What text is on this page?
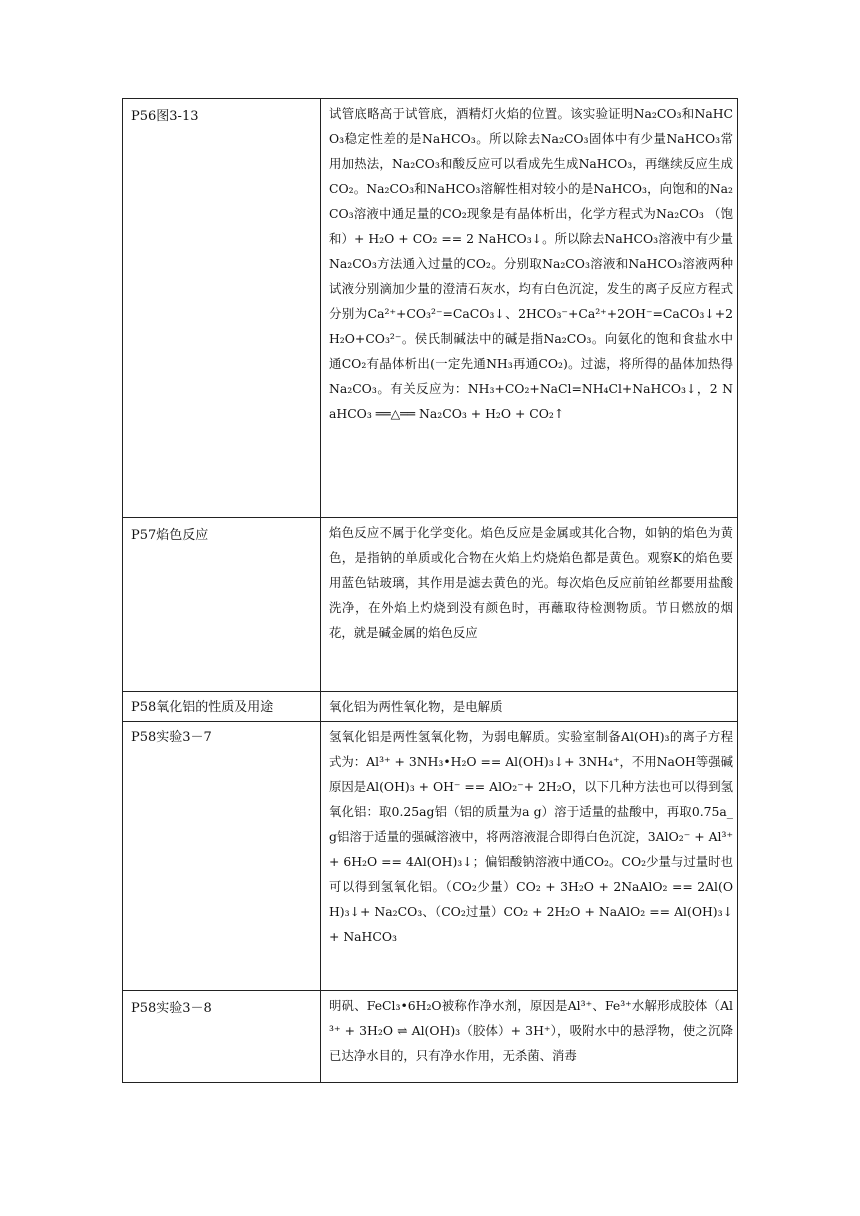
P56图3-13	试管底略高于试管底，酒精灯火焰的位置。该实验证明Na₂CO₃和NaHCO₃稳定性差的是NaHCO₃。所以除去Na₂CO₃固体中有少量NaHCO₃常用加热法，Na₂CO₃和酸反应可以看成先生成NaHCO₃，再继续反应生成CO₂。Na₂CO₃和NaHCO₃溶解性相对较小的是NaHCO₃，向饱和的Na₂CO₃溶液中通足量的CO₂现象是有晶体析出，化学方程式为Na₂CO₃ （饱和）+ H₂O + CO₂ == 2 NaHCO₃↓。所以除去NaHCO₃溶液中有少量Na₂CO₃方法通入过量的CO₂。分别取Na₂CO₃溶液和NaHCO₃溶液两种试液分别滴加少量的澄清石灰水，均有白色沉淀，发生的离子反应方程式分别为Ca²⁺+CO₃²⁻=CaCO₃↓、2HCO₃⁻+Ca²⁺+2OH⁻=CaCO₃↓+2H₂O+CO₃²⁻。侯氏制碱法中的碱是指Na₂CO₃。向氨化的饱和食盐水中通CO₂有晶体析出(一定先通NH₃再通CO₂)。过滤，将所得的晶体加热得Na₂CO₃。有关反应为：NH₃+CO₂+NaCl=NH₄Cl+NaHCO₃↓，2 NaHCO₃ ══△══ Na₂CO₃ + H₂O + CO₂↑

P57焰色反应	焰色反应不属于化学变化。焰色反应是金属或其化合物，如钠的焰色为黄色，是指钠的单质或化合物在火焰上灼烧焰色都是黄色。观察K的焰色要用蓝色钴玻璃，其作用是滤去黄色的光。每次焰色反应前铂丝都要用盐酸洗净，在外焰上灼烧到没有颜色时，再蘸取待检测物质。节日燃放的烟花，就是碱金属的焰色反应

P58氧化铝的性质及用途	氧化铝为两性氧化物，是电解质

P58实验3－7	氢氧化铝是两性氢氧化物，为弱电解质。实验室制备Al(OH)₃的离子方程式为：Al³⁺ + 3NH₃•H₂O == Al(OH)₃↓+ 3NH₄⁺，不用NaOH等强碱原因是Al(OH)₃ + OH⁻ == AlO₂⁻+ 2H₂O，以下几种方法也可以得到氢氧化铝：取0.25ag铝（铝的质量为a g）溶于适量的盐酸中，再取0.75a_g铝溶于适量的强碱溶液中，将两溶液混合即得白色沉淀，3AlO₂⁻ + Al³⁺ + 6H₂O == 4Al(OH)₃↓；偏铝酸钠溶液中通CO₂。CO₂少量与过量时也可以得到氢氧化铝。（CO₂少量）CO₂ + 3H₂O + 2NaAlO₂ == 2Al(OH)₃↓+ Na₂CO₃、（CO₂过量）CO₂ + 2H₂O + NaAlO₂ == Al(OH)₃↓+ NaHCO₃

P58实验3－8	明矾、FeCl₃•6H₂O被称作净水剂，原因是Al³⁺、Fe³⁺水解形成胶体（Al³⁺ + 3H₂O ⇌ Al(OH)₃（胶体）+ 3H⁺），吸附水中的悬浮物，使之沉降已达净水目的，只有净水作用，无杀菌、消毒
